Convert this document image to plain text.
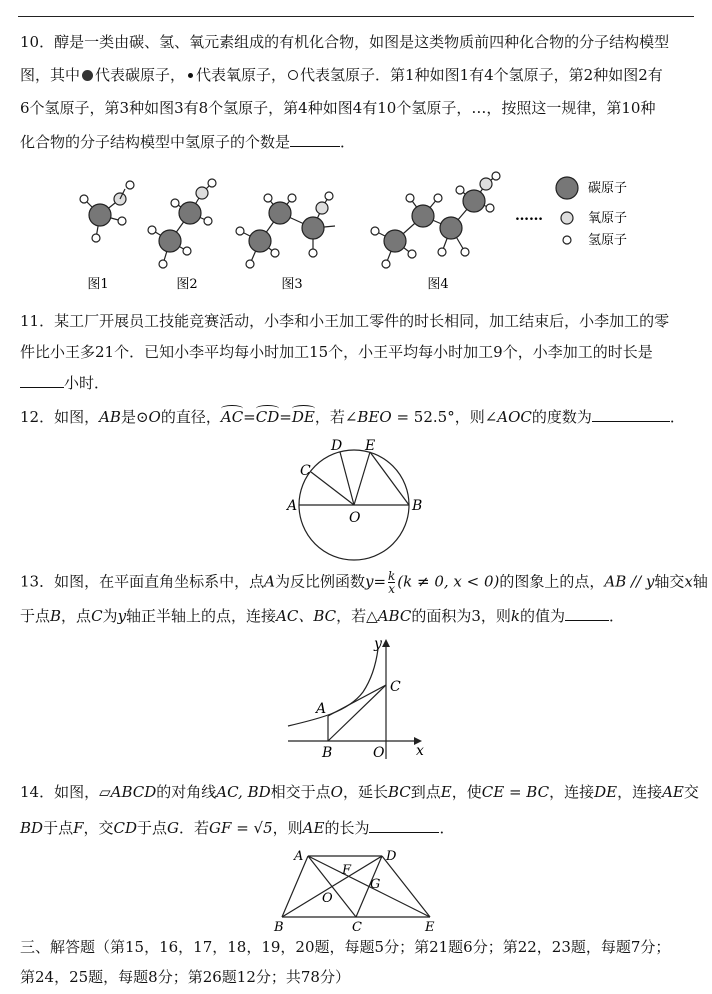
10．醇是一类由碳、氢、氧元素组成的有机化合物，如图是这类物质前四种化合物的分子结构模型
图，其中 代表碳原子， 代表氧原子， 代表氢原子．第1种如图1有4个氢原子，第2种如图2有
6个氢原子，第3种如图3有8个氢原子，第4种如图4有10个氢原子，…，按照这一规律，第10种
化合物的分子结构模型中氢原子的个数是	．
图1	图2	图3	图4
……
碳原子
氧原子
氢原子
11．某工厂开展员工技能竞赛活动，小李和小王加工零件的时长相同，加工结束后，小李加工的零
件比小王多21个．已知小李平均每小时加工15个，小王平均每小时加工9个，小李加工的时长是
小时．
12．如图，AB是⊙O的直径，AC=CD=DE，若∠BEO = 52.5°，则∠AOC的度数为	．
D E
C
A
O
B
13．如图，在平面直角坐标系中，点A为反比例函数$y= \frac{k}{x} (k \ne 0$, x < 0)的图象上的点，AB // y轴交x轴
于点B，点C为y轴正半轴上的点，连接AC、BC，若△ABC的面积为3，则k的值为	．
y
C
A
B	O x
14．如图，▱ABCD的对角线AC, BD相交于点O，延长BC到点E，使CE = BC，连接DE，连接AE交
BD于点F，交CD于点G．若GF = √5，则AE的长为	．
A	D
F
G
O
B	C	E
三、解答题（第15，16，17，18，19，20题，每题5分；第21题6分；第22，23题，每题7分；
第24，25题，每题8分；第26题12分；共78分）
